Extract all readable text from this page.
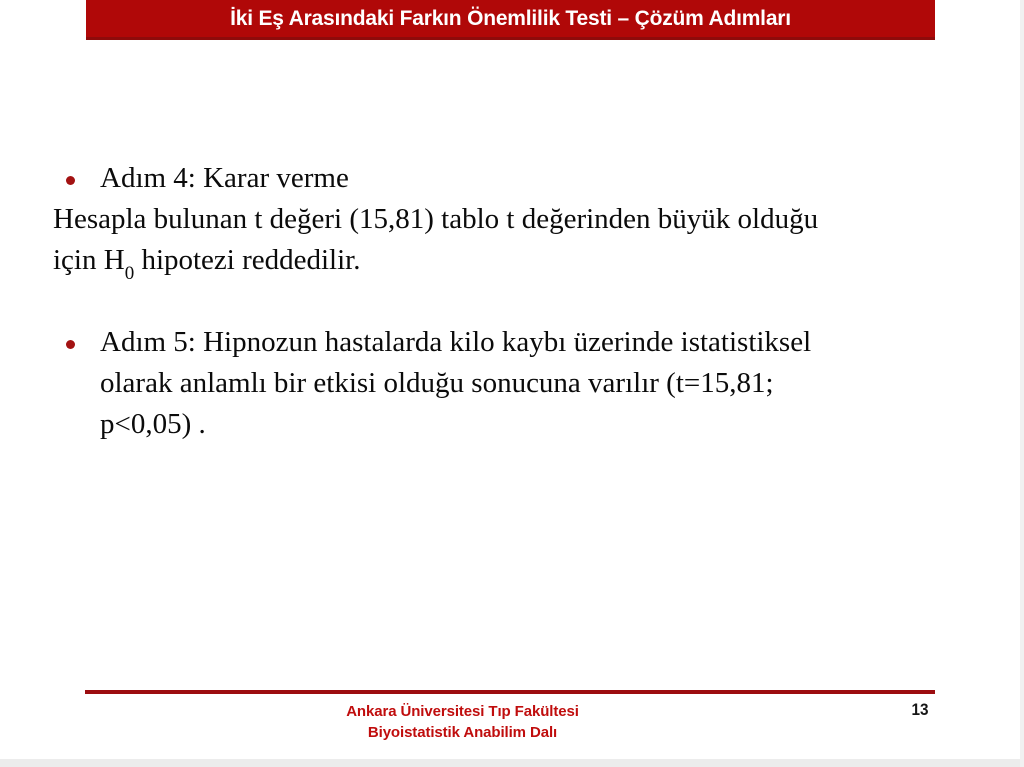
İki Eş Arasındaki Farkın Önemlilik Testi – Çözüm Adımları
Adım 4: Karar verme
Hesapla bulunan t değeri (15,81) tablo t değerinden büyük olduğu
için $H_0$ hipotezi reddedilir.
Adım 5: Hipnozun hastalarda kilo kaybı üzerinde istatistiksel
olarak anlamlı bir etkisi olduğu sonucuna varılır (t=15,81;
p<0,05) .
Ankara Üniversitesi Tıp Fakültesi
Biyoistatistik Anabilim Dalı
13
